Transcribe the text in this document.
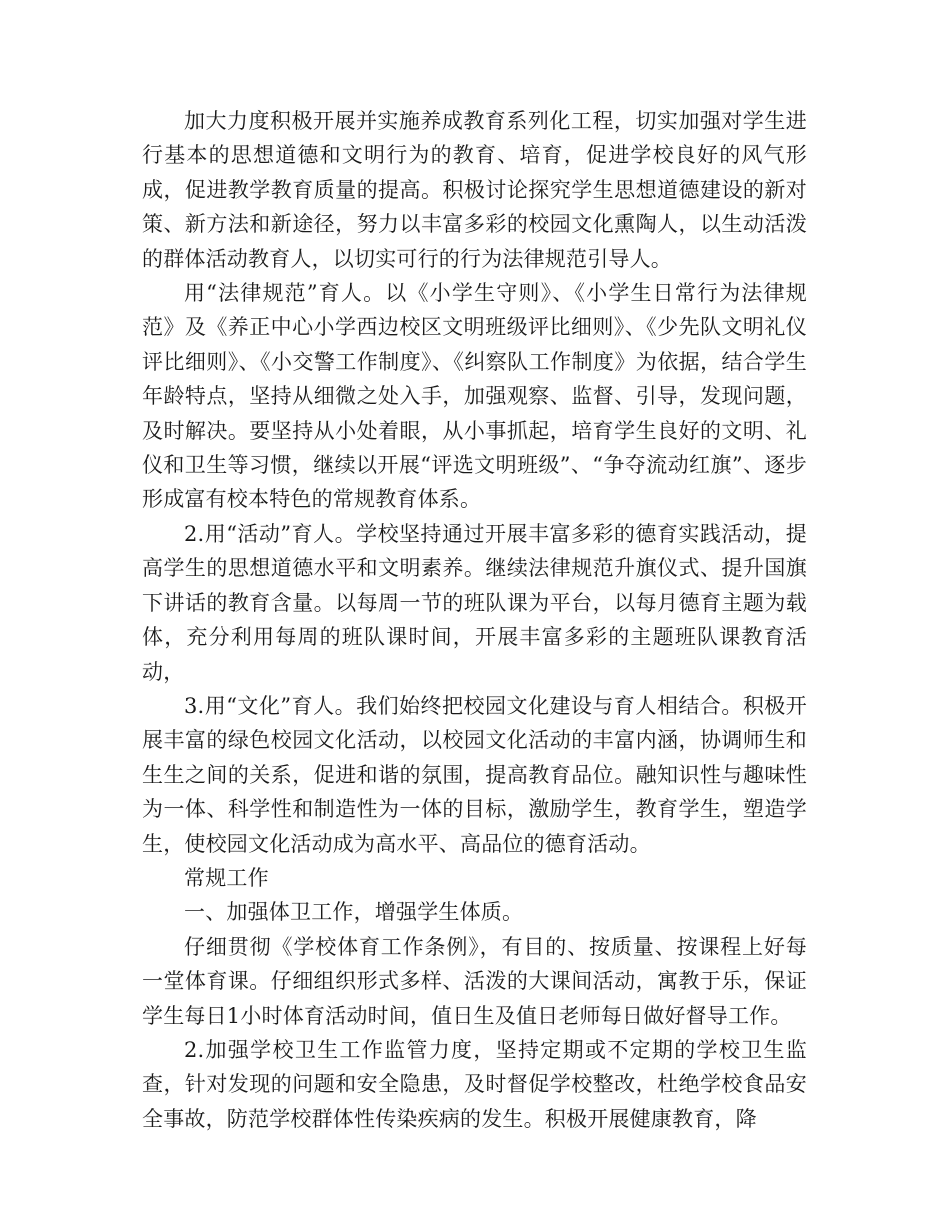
加大力度积极开展并实施养成教育系列化工程，切实加强对学生进行基本的思想道德和文明行为的教育、培育，促进学校良好的风气形成，促进教学教育质量的提高。积极讨论探究学生思想道德建设的新对策、新方法和新途径，努力以丰富多彩的校园文化熏陶人，以生动活泼的群体活动教育人，以切实可行的行为法律规范引导人。

用“法律规范”育人。以《小学生守则》、《小学生日常行为法律规范》及《养正中心小学西边校区文明班级评比细则》、《少先队文明礼仪评比细则》、《小交警工作制度》、《纠察队工作制度》为依据，结合学生年龄特点，坚持从细微之处入手，加强观察、监督、引导，发现问题，及时解决。要坚持从小处着眼，从小事抓起，培育学生良好的文明、礼仪和卫生等习惯，继续以开展“评选文明班级”、“争夺流动红旗”、逐步形成富有校本特色的常规教育体系。

2.用“活动”育人。学校坚持通过开展丰富多彩的德育实践活动，提高学生的思想道德水平和文明素养。继续法律规范升旗仪式、提升国旗下讲话的教育含量。以每周一节的班队课为平台，以每月德育主题为载体，充分利用每周的班队课时间，开展丰富多彩的主题班队课教育活动，

3.用“文化”育人。我们始终把校园文化建设与育人相结合。积极开展丰富的绿色校园文化活动，以校园文化活动的丰富内涵，协调师生和生生之间的关系，促进和谐的氛围，提高教育品位。融知识性与趣味性为一体、科学性和制造性为一体的目标，激励学生，教育学生，塑造学生，使校园文化活动成为高水平、高品位的德育活动。

常规工作

一、加强体卫工作，增强学生体质。

仔细贯彻《学校体育工作条例》，有目的、按质量、按课程上好每一堂体育课。仔细组织形式多样、活泼的大课间活动，寓教于乐，保证学生每日1小时体育活动时间，值日生及值日老师每日做好督导工作。

2.加强学校卫生工作监管力度，坚持定期或不定期的学校卫生监查，针对发现的问题和安全隐患，及时督促学校整改，杜绝学校食品安全事故，防范学校群体性传染疾病的发生。积极开展健康教育，降
